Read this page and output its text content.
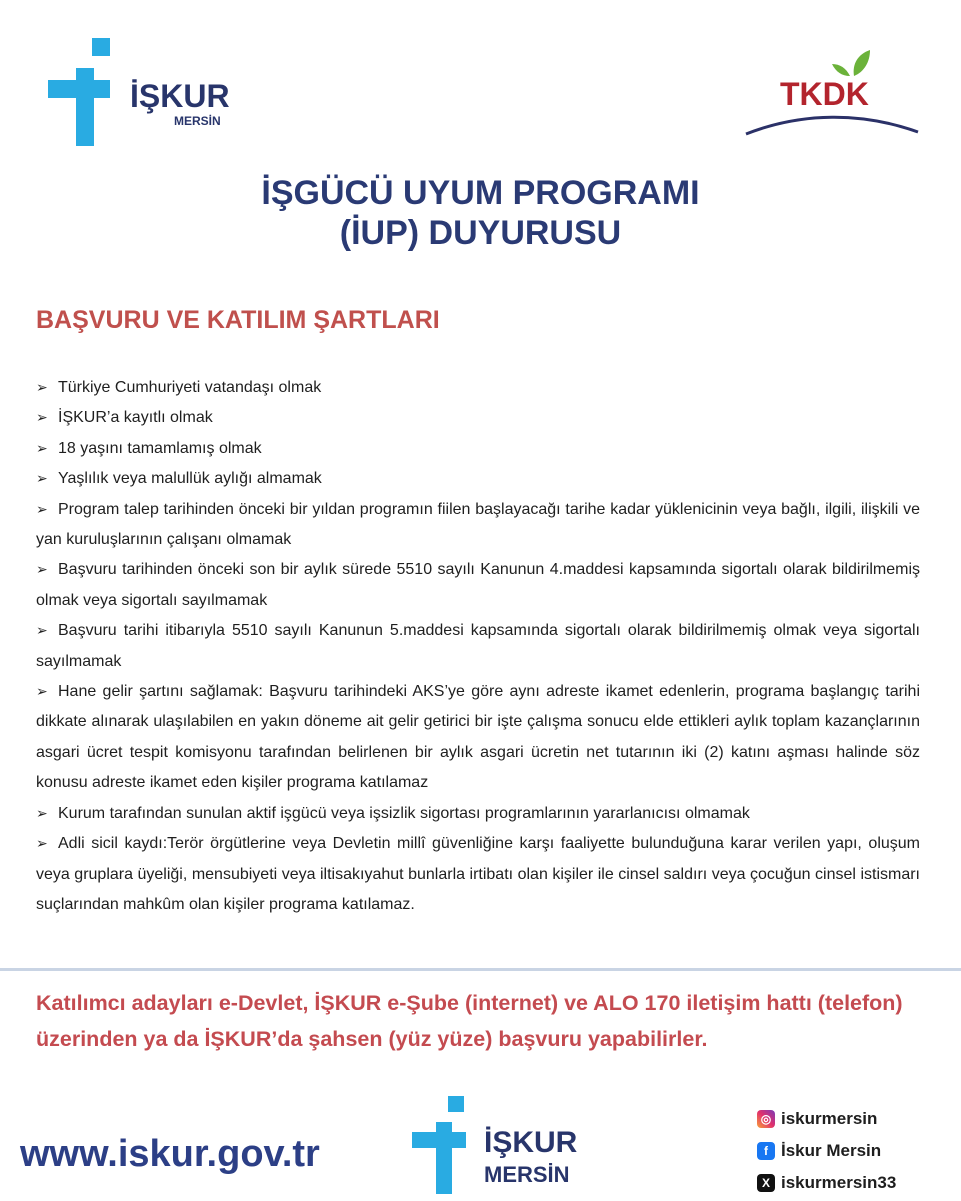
İŞKUR
MERSİN
TKDK
İŞGÜCÜ UYUM PROGRAMI
(İUP) DUYURUSU
BAŞVURU VE KATILIM ŞARTLARI

➢ Türkiye Cumhuriyeti vatandaşı olmak

➢ İŞKUR’a kayıtlı olmak

➢ 18 yaşını tamamlamış olmak

➢ Yaşlılık veya malullük aylığı almamak

➢ Program talep tarihinden önceki bir yıldan programın fiilen başlayacağı tarihe kadar yüklenicinin veya bağlı, ilgili, ilişkili ve yan kuruluşlarının çalışanı olmamak

➢ Başvuru tarihinden önceki son bir aylık sürede 5510 sayılı Kanunun 4.maddesi kapsamında sigortalı olarak bildirilmemiş olmak veya sigortalı sayılmamak

➢ Başvuru tarihi itibarıyla 5510 sayılı Kanunun 5.maddesi kapsamında sigortalı olarak bildirilmemiş olmak veya sigortalı sayılmamak

➢ Hane gelir şartını sağlamak: Başvuru tarihindeki AKS’ye göre aynı adreste ikamet edenlerin, programa başlangıç tarihi dikkate alınarak ulaşılabilen en yakın döneme ait gelir getirici bir işte çalışma sonucu elde ettikleri aylık toplam kazançlarının asgari ücret tespit komisyonu tarafından belirlenen bir aylık asgari ücretin net tutarının iki (2) katını aşması halinde söz konusu adreste ikamet eden kişiler programa katılamaz

➢ Kurum tarafından sunulan aktif işgücü veya işsizlik sigortası programlarının yararlanıcısı olmamak

➢ Adli sicil kaydı:Terör örgütlerine veya Devletin millî güvenliğine karşı faaliyette bulunduğuna karar verilen yapı, oluşum veya gruplara üyeliği, mensubiyeti veya iltisakıyahut bunlarla irtibatı olan kişiler ile cinsel saldırı veya çocuğun cinsel istismarı suçlarından mahkûm olan kişiler programa katılamaz.

Katılımcı adayları e-Devlet, İŞKUR e-Şube (internet) ve ALO 170 iletişim hattı (telefon) üzerinden ya da İŞKUR’da şahsen (yüz yüze) başvuru yapabilirler.
www.iskur.gov.tr	İŞKUR
MERSİN
◎ iskurmersin
f İskur Mersin
X iskurmersin33
